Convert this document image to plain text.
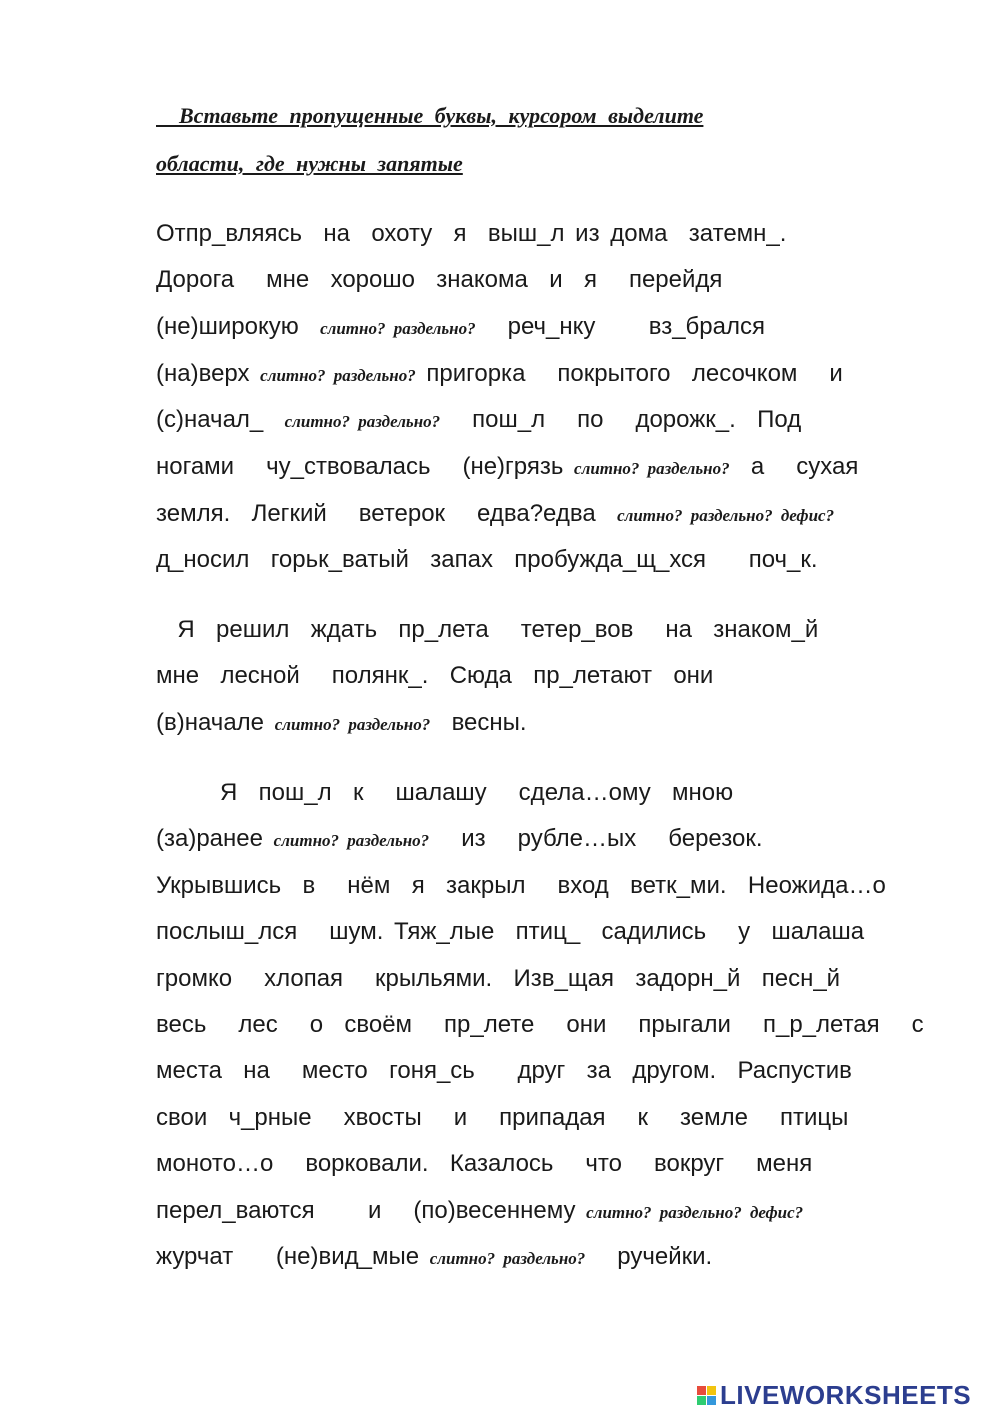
Вставьте пропущенные буквы, курсором выделите
области, где нужны запятые
Отпр_вляясь  на  охоту  я  выш_л из дома  затемн_.
Дорога   мне  хорошо  знакома  и  я   перейдя
(не)широкую слитно? раздельно? реч_нку     вз_брался
(на)верх слитно? раздельно? пригорка   покрытого  лесочком   и
(с)начал_ слитно? раздельно? пош_л   по   дорожк_.  Под
ногами   чу_ствовалась   (не)грязь слитно? раздельно? а   сухая
земля.  Легкий   ветерок   едва?едва слитно? раздельно? дефис?
д_носил  горьк_ватый  запах  пробужда_щ_хся    поч_к.
Я  решил  ждать  пр_лета   тетер_вов   на  знаком_й
мне  лесной   полянк_.  Сюда  пр_летают  они
(в)начале слитно? раздельно? весны.
Я  пош_л  к   шалашу   сдела…ому  мною
(за)ранее слитно? раздельно? из   рубле…ых   березок.
Укрывшись  в   нём  я  закрыл   вход  ветк_ми.  Неожида…о
послыш_лся   шум. Тяж_лые  птиц_  садились   у  шалаша
громко   хлопая   крыльями.  Изв_щая  задорн_й  песн_й
весь   лес   о  своём   пр_лете   они   прыгали   п_р_летая   с
места  на   место  гоня_сь    друг  за  другом.  Распустив
свои  ч_рные   хвосты   и   припадая   к   земле   птицы
моното…о   ворковали.  Казалось   что   вокруг   меня
перел_ваются     и   (по)весеннему слитно? раздельно? дефис?
журчат    (не)вид_мые слитно? раздельно? ручейки.
LIVEWORKSHEETS
